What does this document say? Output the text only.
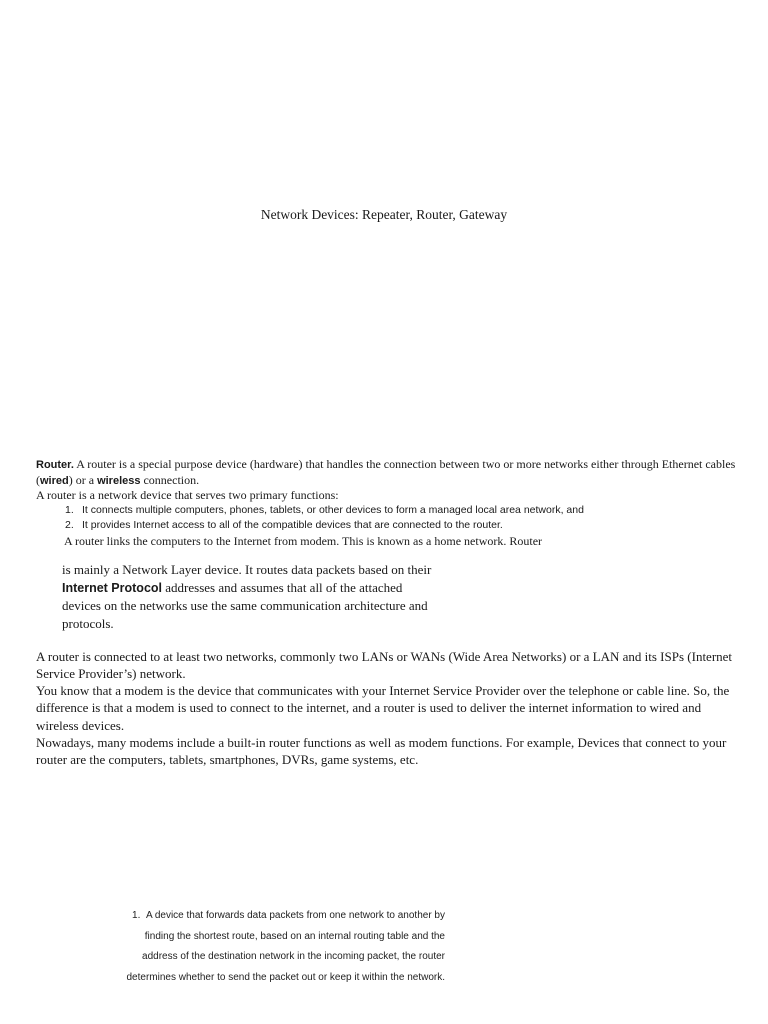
Network Devices: Repeater, Router, Gateway
Router. A router is a special purpose device (hardware) that handles the connection between two or more networks either through Ethernet cables (wired) or a wireless connection.
A router is a network device that serves two primary functions:
1. It connects multiple computers, phones, tablets, or other devices to form a managed local area network, and
2. It provides Internet access to all of the compatible devices that are connected to the router.
A router links the computers to the Internet from modem. This is known as a home network. Router
is mainly a Network Layer device. It routes data packets based on their Internet Protocol addresses and assumes that all of the attached devices on the networks use the same communication architecture and protocols.
A router is connected to at least two networks, commonly two LANs or WANs (Wide Area Networks) or a LAN and its ISPs (Internet Service Provider’s) network.
You know that a modem is the device that communicates with your Internet Service Provider over the telephone or cable line. So, the difference is that a modem is used to connect to the internet, and a router is used to deliver the internet information to wired and wireless devices.
Nowadays, many modems include a built-in router functions as well as modem functions. For example, Devices that connect to your router are the computers, tablets, smartphones, DVRs, game systems, etc.
1. A device that forwards data packets from one network to another by finding the shortest route, based on an internal routing table and the address of the destination network in the incoming packet, the router determines whether to send the packet out or keep it within the network.
